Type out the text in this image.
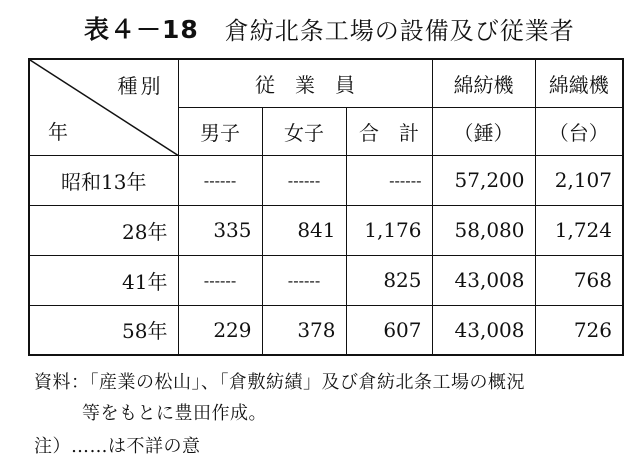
表４－18 倉紡北条工場の設備及び従業者
種別
年	従　業　員			綿紡機	綿織機
	男子	女子	合　計	（錘）	（台）
昭和13年	------	------	------	57,200	2,107
28年	335	841	1,176	58,080	1,724
41年	------	------	825	43,008	768
58年	229	378	607	43,008	726
資料：「産業の松山」、「倉敷紡績」及び倉紡北条工場の概況
等をもとに豊田作成。
注）……は不詳の意
